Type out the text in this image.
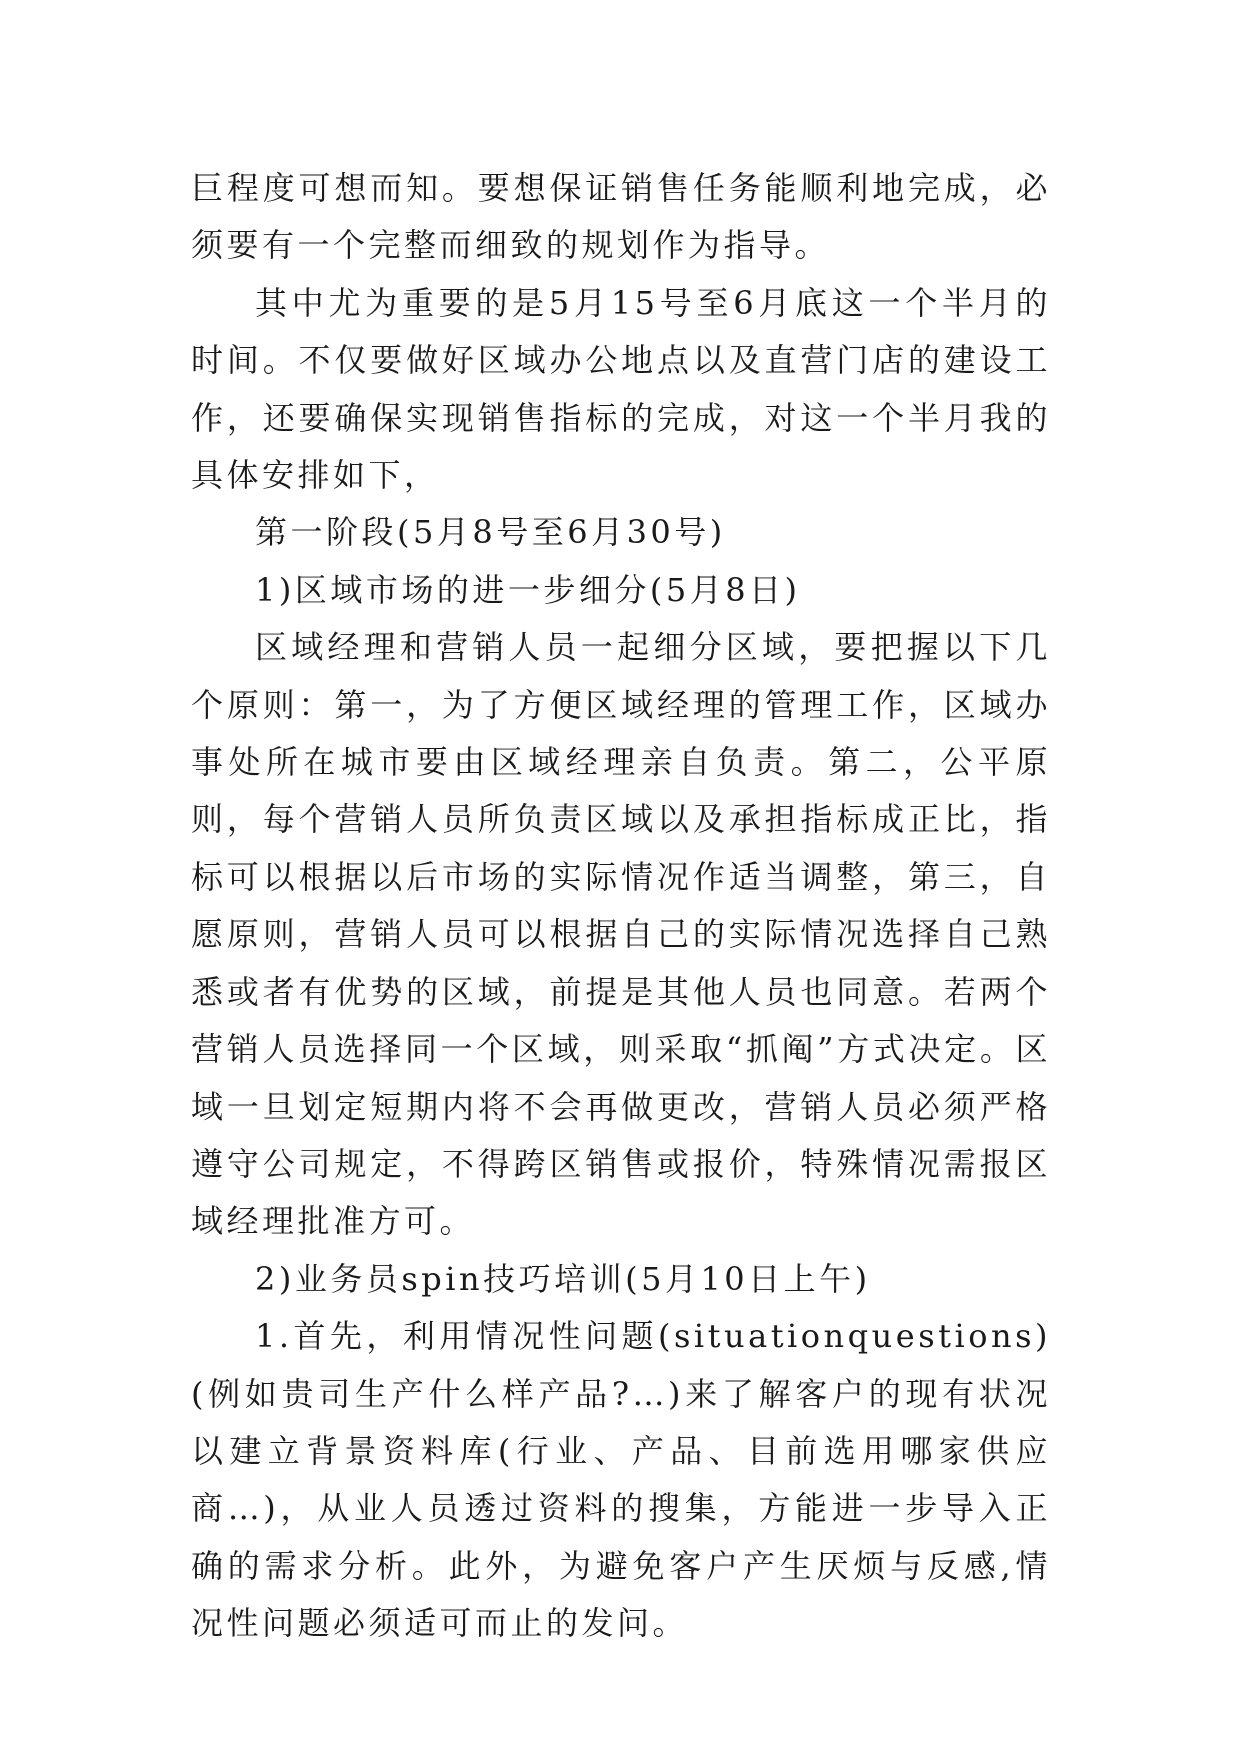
巨程度可想而知。要想保证销售任务能顺利地完成，必须要有一个完整而细致的规划作为指导。

其中尤为重要的是5月15号至6月底这一个半月的时间。不仅要做好区域办公地点以及直营门店的建设工作，还要确保实现销售指标的完成，对这一个半月我的具体安排如下，

第一阶段(5月8号至6月30号)

1)区域市场的进一步细分(5月8日)

区域经理和营销人员一起细分区域，要把握以下几个原则：第一，为了方便区域经理的管理工作，区域办事处所在城市要由区域经理亲自负责。第二，公平原则，每个营销人员所负责区域以及承担指标成正比，指标可以根据以后市场的实际情况作适当调整，第三，自愿原则，营销人员可以根据自己的实际情况选择自己熟悉或者有优势的区域，前提是其他人员也同意。若两个营销人员选择同一个区域，则采取“抓阄”方式决定。区域一旦划定短期内将不会再做更改，营销人员必须严格遵守公司规定，不得跨区销售或报价，特殊情况需报区域经理批准方可。

2)业务员spin技巧培训(5月10日上午)

1.首先，利用情况性问题(situationquestions)(例如贵司生产什么样产品?…)来了解客户的现有状况以建立背景资料库(行业、产品、目前选用哪家供应商…)，从业人员透过资料的搜集，方能进一步导入正确的需求分析。此外，为避免客户产生厌烦与反感,情况性问题必须适可而止的发问。
